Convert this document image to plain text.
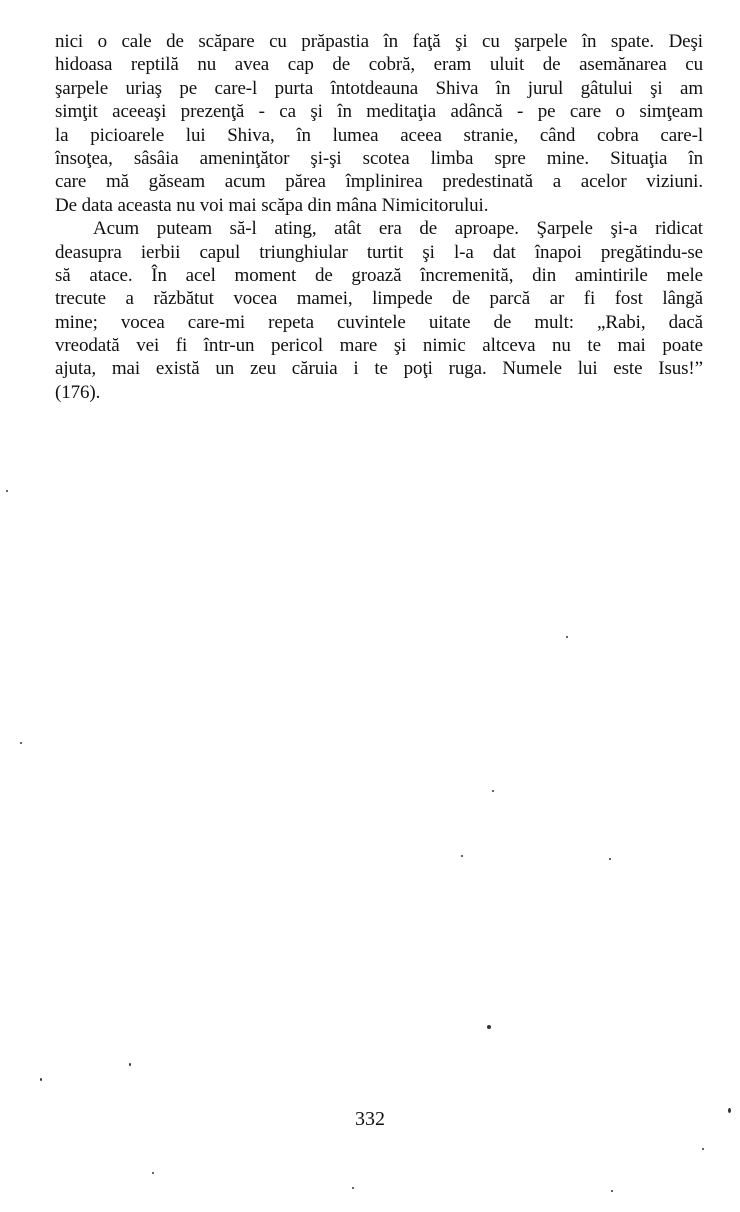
nici o cale de scăpare cu prăpastia în faţă şi cu şarpele în spate. Deşi
hidoasa reptilă nu avea cap de cobră, eram uluit de asemănarea cu
şarpele uriaş pe care-l purta întotdeauna Shiva în jurul gâtului şi am
simţit aceeaşi prezenţă - ca şi în meditaţia adâncă - pe care o simţeam
la picioarele lui Shiva, în lumea aceea stranie, când cobra care-l
însoţea, sâsâia ameninţător şi-şi scotea limba spre mine. Situaţia în
care mă găseam acum părea împlinirea predestinată a acelor viziuni.
De data aceasta nu voi mai scăpa din mâna Nimicitorului.
Acum puteam să-l ating, atât era de aproape. Şarpele şi-a ridicat
deasupra ierbii capul triunghiular turtit şi l-a dat înapoi pregătindu-se
să atace. În acel moment de groază încremenită, din amintirile mele
trecute a răzbătut vocea mamei, limpede de parcă ar fi fost lângă
mine; vocea care-mi repeta cuvintele uitate de mult: „Rabi, dacă
vreodată vei fi într-un pericol mare şi nimic altceva nu te mai poate
ajuta, mai există un zeu căruia i te poţi ruga. Numele lui este Isus!”
(176).
332
